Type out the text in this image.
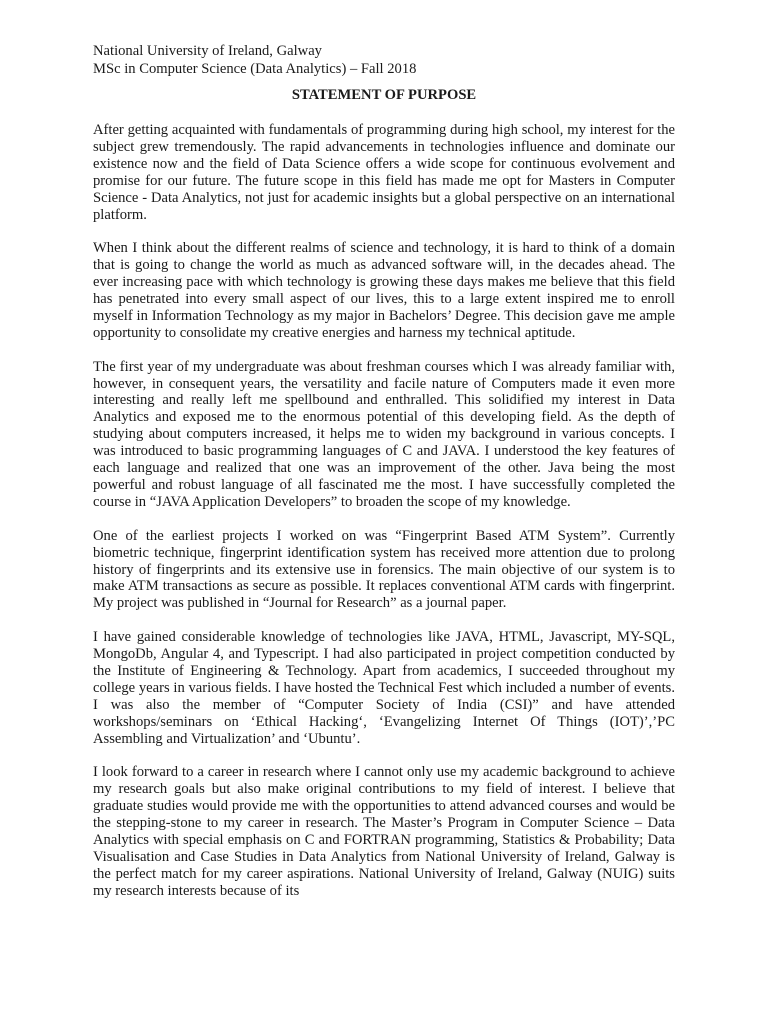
National University of Ireland, Galway
MSc in Computer Science (Data Analytics) – Fall 2018
STATEMENT OF PURPOSE

After getting acquainted with fundamentals of programming during high school, my interest for the subject grew tremendously. The rapid advancements in technologies influence and dominate our existence now and the field of Data Science offers a wide scope for continuous evolvement and promise for our future. The future scope in this field has made me opt for Masters in Computer Science - Data Analytics, not just for academic insights but a global perspective on an international platform.

When I think about the different realms of science and technology, it is hard to think of a domain that is going to change the world as much as advanced software will, in the decades ahead. The ever increasing pace with which technology is growing these days makes me believe that this field has penetrated into every small aspect of our lives, this to a large extent inspired me to enroll myself in Information Technology as my major in Bachelors’ Degree. This decision gave me ample opportunity to consolidate my creative energies and harness my technical aptitude.

The first year of my undergraduate was about freshman courses which I was already familiar with, however, in consequent years, the versatility and facile nature of Computers made it even more interesting and really left me spellbound and enthralled. This solidified my interest in Data Analytics and exposed me to the enormous potential of this developing field. As the depth of studying about computers increased, it helps me to widen my background in various concepts. I was introduced to basic programming languages of C and JAVA. I understood the key features of each language and realized that one was an improvement of the other. Java being the most powerful and robust language of all fascinated me the most. I have successfully completed the course in “JAVA Application Developers” to broaden the scope of my knowledge.

One of the earliest projects I worked on was “Fingerprint Based ATM System”. Currently biometric technique, fingerprint identification system has received more attention due to prolong history of fingerprints and its extensive use in forensics. The main objective of our system is to make ATM transactions as secure as possible. It replaces conventional ATM cards with fingerprint. My project was published in “Journal for Research” as a journal paper.

I have gained considerable knowledge of technologies like JAVA, HTML, Javascript, MY-SQL, MongoDb, Angular 4, and Typescript. I had also participated in project competition conducted by the Institute of Engineering & Technology. Apart from academics, I succeeded throughout my college years in various fields. I have hosted the Technical Fest which included a number of events. I was also the member of “Computer Society of India (CSI)” and have attended workshops/seminars on ‘Ethical Hacking‘, ‘Evangelizing Internet Of Things (IOT)’,’PC Assembling and Virtualization’ and ‘Ubuntu’.

I look forward to a career in research where I cannot only use my academic background to achieve my research goals but also make original contributions to my field of interest. I believe that graduate studies would provide me with the opportunities to attend advanced courses and would be the stepping-stone to my career in research. The Master’s Program in Computer Science – Data Analytics with special emphasis on C and FORTRAN programming, Statistics & Probability; Data Visualisation and Case Studies in Data Analytics from National University of Ireland, Galway is the perfect match for my career aspirations. National University of Ireland, Galway (NUIG) suits my research interests because of its
